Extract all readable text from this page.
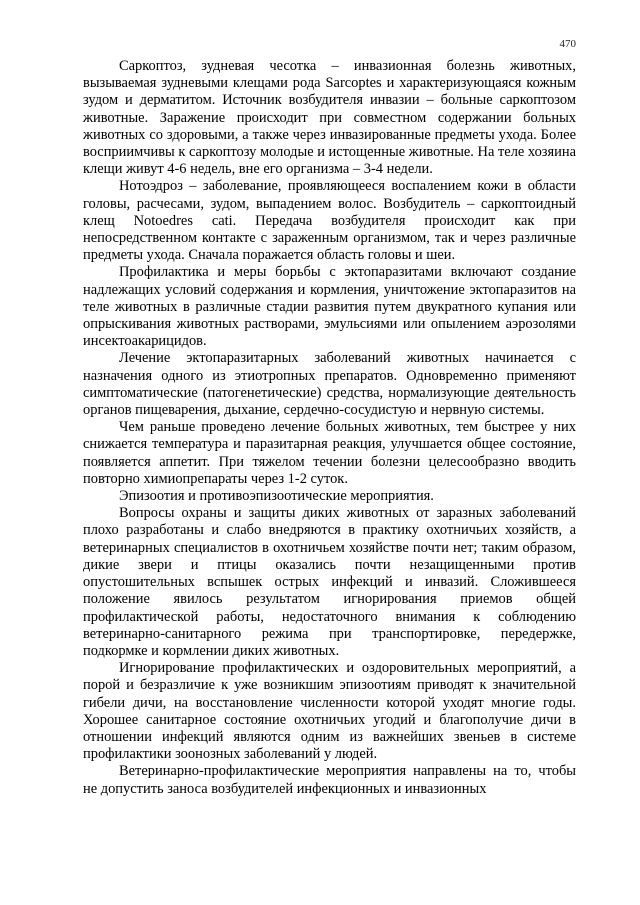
470

Саркоптоз, зудневая чесотка – инвазионная болезнь животных, вызываемая зудневыми клещами рода Sarcoptes и характеризующаяся кожным зудом и дерматитом. Источник возбудителя инвазии – больные саркоптозом животные. Заражение происходит при совместном содержании больных животных со здоровыми, а также через инвазированные предметы ухода. Более восприимчивы к саркоптозу молодые и истощенные животные. На теле хозяина клещи живут 4-6 недель, вне его организма – 3-4 недели.

Нотоэдроз – заболевание, проявляющееся воспалением кожи в области головы, расчесами, зудом, выпадением волос. Возбудитель – саркоптоидный клещ Notoedres cati. Передача возбудителя происходит как при непосредственном контакте с зараженным организмом, так и через различные предметы ухода. Сначала поражается область головы и шеи.

Профилактика и меры борьбы с эктопаразитами включают создание надлежащих условий содержания и кормления, уничтожение эктопаразитов на теле животных в различные стадии развития путем двукратного купания или опрыскивания животных растворами, эмульсиями или опылением аэрозолями инсектоакарицидов.

Лечение эктопаразитарных заболеваний животных начинается с назначения одного из этиотропных препаратов. Одновременно применяют симптоматические (патогенетические) средства, нормализующие деятельность органов пищеварения, дыхание, сердечно-сосудистую и нервную системы.

Чем раньше проведено лечение больных животных, тем быстрее у них снижается температура и паразитарная реакция, улучшается общее состояние, появляется аппетит. При тяжелом течении болезни целесообразно вводить повторно химиопрепараты через 1-2 суток.

Эпизоотия и противоэпизоотические мероприятия.

Вопросы охраны и защиты диких животных от заразных заболеваний плохо разработаны и слабо внедряются в практику охотничьих хозяйств, а ветеринарных специалистов в охотничьем хозяйстве почти нет; таким образом, дикие звери и птицы оказались почти незащищенными против опустошительных вспышек острых инфекций и инвазий. Сложившееся положение явилось результатом игнорирования приемов общей профилактической работы, недостаточного внимания к соблюдению ветеринарно-санитарного режима при транспортировке, передержке, подкормке и кормлении диких животных.

Игнорирование профилактических и оздоровительных мероприятий, а порой и безразличие к уже возникшим эпизоотиям приводят к значительной гибели дичи, на восстановление численности которой уходят многие годы. Хорошее санитарное состояние охотничьих угодий и благополучие дичи в отношении инфекций являются одним из важнейших звеньев в системе профилактики зоонозных заболеваний у людей.

Ветеринарно-профилактические мероприятия направлены на то, чтобы не допустить заноса возбудителей инфекционных и инвазионных
